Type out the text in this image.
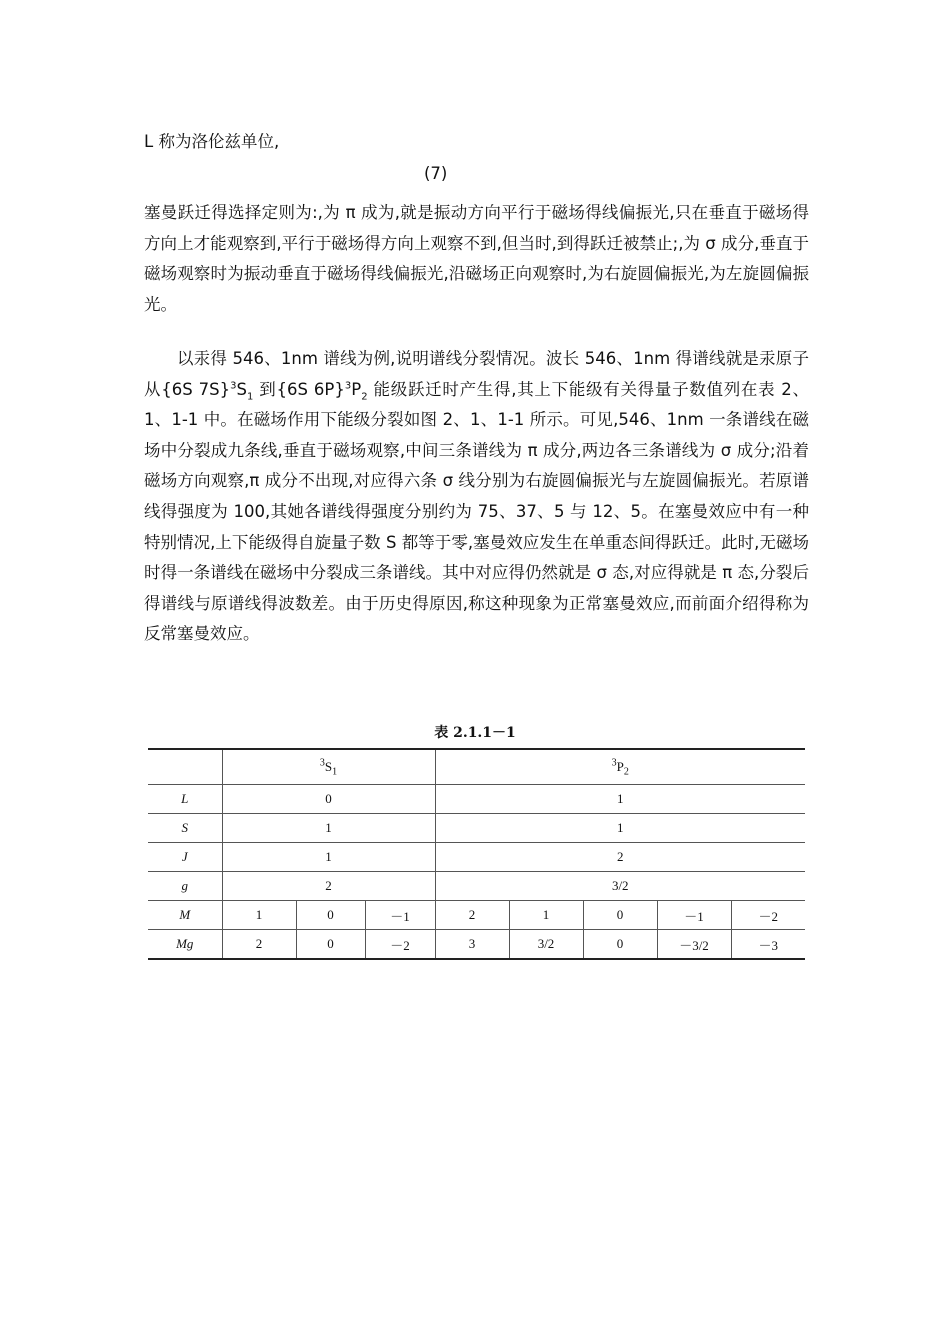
L 称为洛伦兹单位,
(7)

塞曼跃迁得选择定则为:,为 π 成为,就是振动方向平行于磁场得线偏振光,只在垂直于磁场得方向上才能观察到,平行于磁场得方向上观察不到,但当时,到得跃迁被禁止;,为 σ 成分,垂直于磁场观察时为振动垂直于磁场得线偏振光,沿磁场正向观察时,为右旋圆偏振光,为左旋圆偏振光。

以汞得 546、1nm 谱线为例,说明谱线分裂情况。波长 546、1nm 得谱线就是汞原子从{6S $7S\}^3S_1$ 到{6S $6P\}^3P_2$ 能级跃迁时产生得,其上下能级有关得量子数值列在表 2、1、1-1 中。在磁场作用下能级分裂如图 2、1、1-1 所示。可见,546、1nm 一条谱线在磁场中分裂成九条线,垂直于磁场观察,中间三条谱线为 π 成分,两边各三条谱线为 σ 成分;沿着磁场方向观察,π 成分不出现,对应得六条 σ 线分别为右旋圆偏振光与左旋圆偏振光。若原谱线得强度为 100,其她各谱线得强度分别约为 75、37、5 与 12、5。在塞曼效应中有一种特别情况,上下能级得自旋量子数 S 都等于零,塞曼效应发生在单重态间得跃迁。此时,无磁场时得一条谱线在磁场中分裂成三条谱线。其中对应得仍然就是 σ 态,对应得就是 π 态,分裂后得谱线与原谱线得波数差。由于历史得原因,称这种现象为正常塞曼效应,而前面介绍得称为反常塞曼效应。

表 2.1.1－1
	$^3S_1$			$^3P_2$
L	0			1				
S	1			1				
J	1			2				
g	2			3/2				
M	1	0	－1	2	1	0	－1	－2
Mg	2	0	－2	3	3/2	0	－3/2	－3
